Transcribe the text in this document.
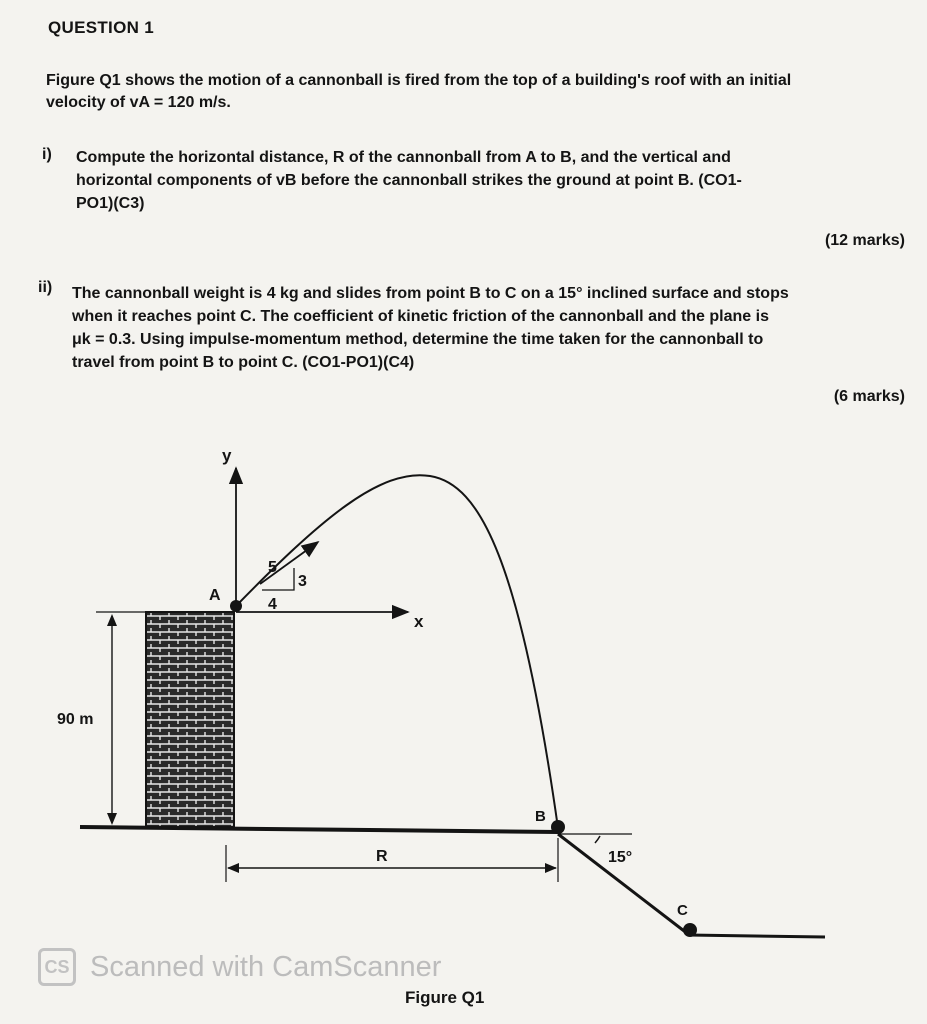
QUESTION 1
Figure Q1 shows the motion of a cannonball is fired from the top of a building's roof with an initial
velocity of vA = 120 m/s.
i) Compute the horizontal distance, R of the cannonball from A to B, and the vertical and
horizontal components of vB before the cannonball strikes the ground at point B. (CO1-
PO1)(C3)
(12 marks)
ii) The cannonball weight is 4 kg and slides from point B to C on a 15° inclined surface and stops
when it reaches point C. The coefficient of kinetic friction of the cannonball and the plane is
μk = 0.3. Using impulse-momentum method, determine the time taken for the cannonball to
travel from point B to point C. (CO1-PO1)(C4)
(6 marks)
y
x
A
B
C
90 m
R	15°
5
3
4
Figure Q1
CS Scanned with CamScanner
